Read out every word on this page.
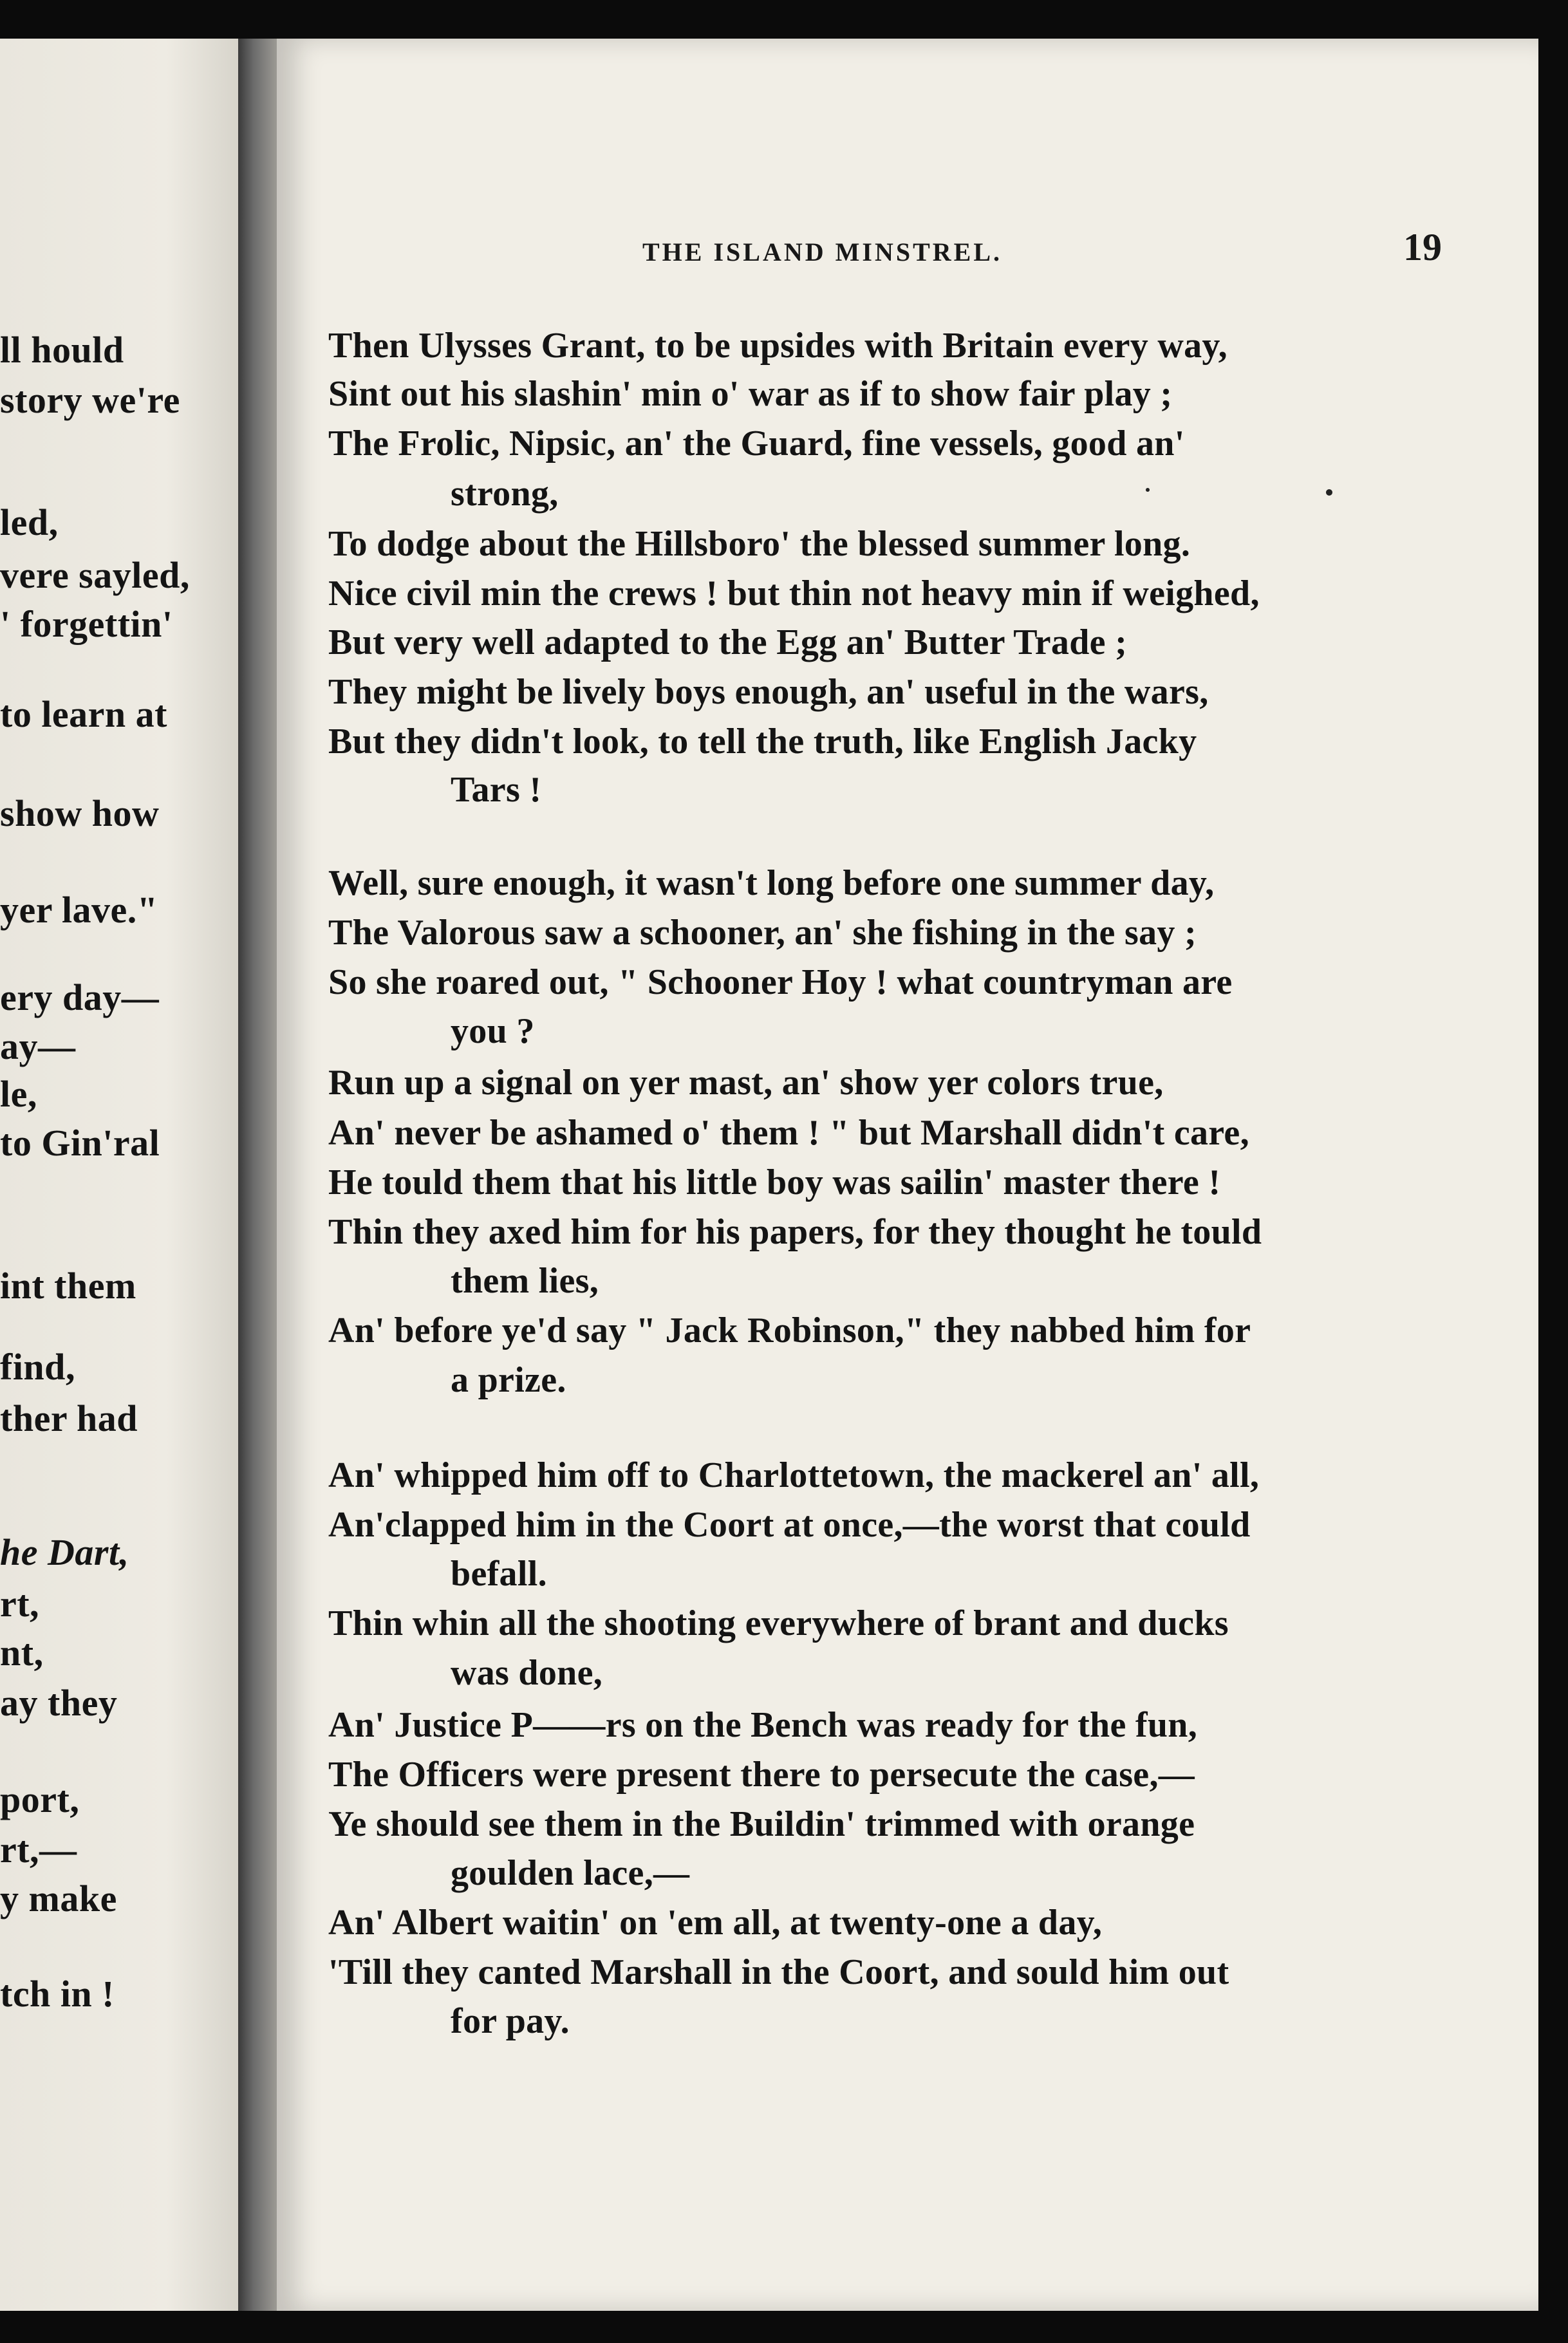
ll hould
story we're
led,
vere sayled,
' forgettin'
to learn at
show how
yer lave."
ery day—
ay—
le,
to Gin'ral
int them
find,
ther had
he Dart,
rt,
nt,
ay they
port,
rt,—
y make
tch in !
THE ISLAND MINSTREL.	19
Then Ulysses Grant, to be upsides with Britain every way,
Sint out his slashin' min o' war as if to show fair play ;
The Frolic, Nipsic, an' the Guard, fine vessels, good an'
strong,
To dodge about the Hillsboro' the blessed summer long.
Nice civil min the crews ! but thin not heavy min if weighed,
But very well adapted to the Egg an' Butter Trade ;
They might be lively boys enough, an' useful in the wars,
But they didn't look, to tell the truth, like English Jacky
Tars !
Well, sure enough, it wasn't long before one summer day,
The Valorous saw a schooner, an' she fishing in the say ;
So she roared out, " Schooner Hoy ! what countryman are
you ?
Run up a signal on yer mast, an' show yer colors true,
An' never be ashamed o' them ! " but Marshall didn't care,
He tould them that his little boy was sailin' master there !
Thin they axed him for his papers, for they thought he tould
them lies,
An' before ye'd say " Jack Robinson," they nabbed him for
a prize.
An' whipped him off to Charlottetown, the mackerel an' all,
An'clapped him in the Coort at once,—the worst that could
befall.
Thin whin all the shooting everywhere of brant and ducks
was done,
An' Justice P——rs on the Bench was ready for the fun,
The Officers were present there to persecute the case,—
Ye should see them in the Buildin' trimmed with orange
goulden lace,—
An' Albert waitin' on 'em all, at twenty-one a day,
'Till they canted Marshall in the Coort, and sould him out
for pay.
